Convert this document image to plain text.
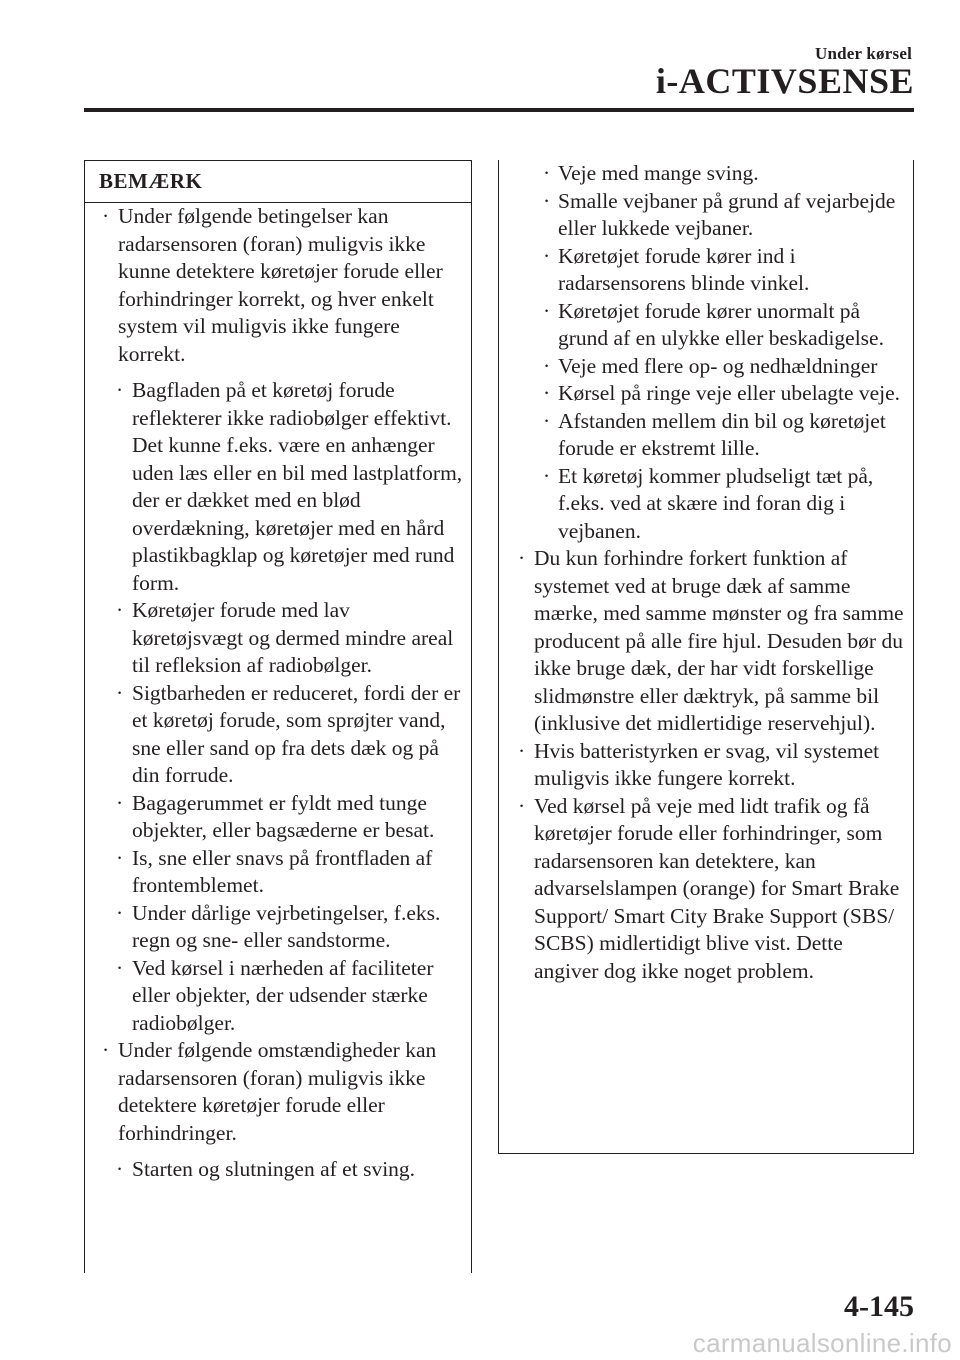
Under kørsel
i-ACTIVSENSE
BEMÆRK
· Under følgende betingelser kan radarsensoren (foran) muligvis ikke kunne detektere køretøjer forude eller forhindringer korrekt, og hver enkelt system vil muligvis ikke fungere korrekt.
· Bagfladen på et køretøj forude reflekterer ikke radiobølger effektivt. Det kunne f.eks. være en anhænger uden læs eller en bil med lastplatform, der er dækket med en blød overdækning, køretøjer med en hård plastikbagklap og køretøjer med rund form.
· Køretøjer forude med lav køretøjsvægt og dermed mindre areal til refleksion af radiobølger.
· Sigtbarheden er reduceret, fordi der er et køretøj forude, som sprøjter vand, sne eller sand op fra dets dæk og på din forrude.
· Bagagerummet er fyldt med tunge objekter, eller bagsæderne er besat.
· Is, sne eller snavs på frontfladen af frontemblemet.
· Under dårlige vejrbetingelser, f.eks. regn og sne- eller sandstorme.
· Ved kørsel i nærheden af faciliteter eller objekter, der udsender stærke radiobølger.
· Under følgende omstændigheder kan radarsensoren (foran) muligvis ikke detektere køretøjer forude eller forhindringer.
· Starten og slutningen af et sving.
· Veje med mange sving.
· Smalle vejbaner på grund af vejarbejde eller lukkede vejbaner.
· Køretøjet forude kører ind i radarsensorens blinde vinkel.
· Køretøjet forude kører unormalt på grund af en ulykke eller beskadigelse.
· Veje med flere op- og nedhældninger
· Kørsel på ringe veje eller ubelagte veje.
· Afstanden mellem din bil og køretøjet forude er ekstremt lille.
· Et køretøj kommer pludseligt tæt på, f.eks. ved at skære ind foran dig i vejbanen.
· Du kun forhindre forkert funktion af systemet ved at bruge dæk af samme mærke, med samme mønster og fra samme producent på alle fire hjul. Desuden bør du ikke bruge dæk, der har vidt forskellige slidmønstre eller dæktryk, på samme bil (inklusive det midlertidige reservehjul).
· Hvis batteristyrken er svag, vil systemet muligvis ikke fungere korrekt.
· Ved kørsel på veje med lidt trafik og få køretøjer forude eller forhindringer, som radarsensoren kan detektere, kan advarselslampen (orange) for Smart Brake Support/ Smart City Brake Support (SBS/ SCBS) midlertidigt blive vist. Dette angiver dog ikke noget problem.
4-145
carmanualsonline.info
